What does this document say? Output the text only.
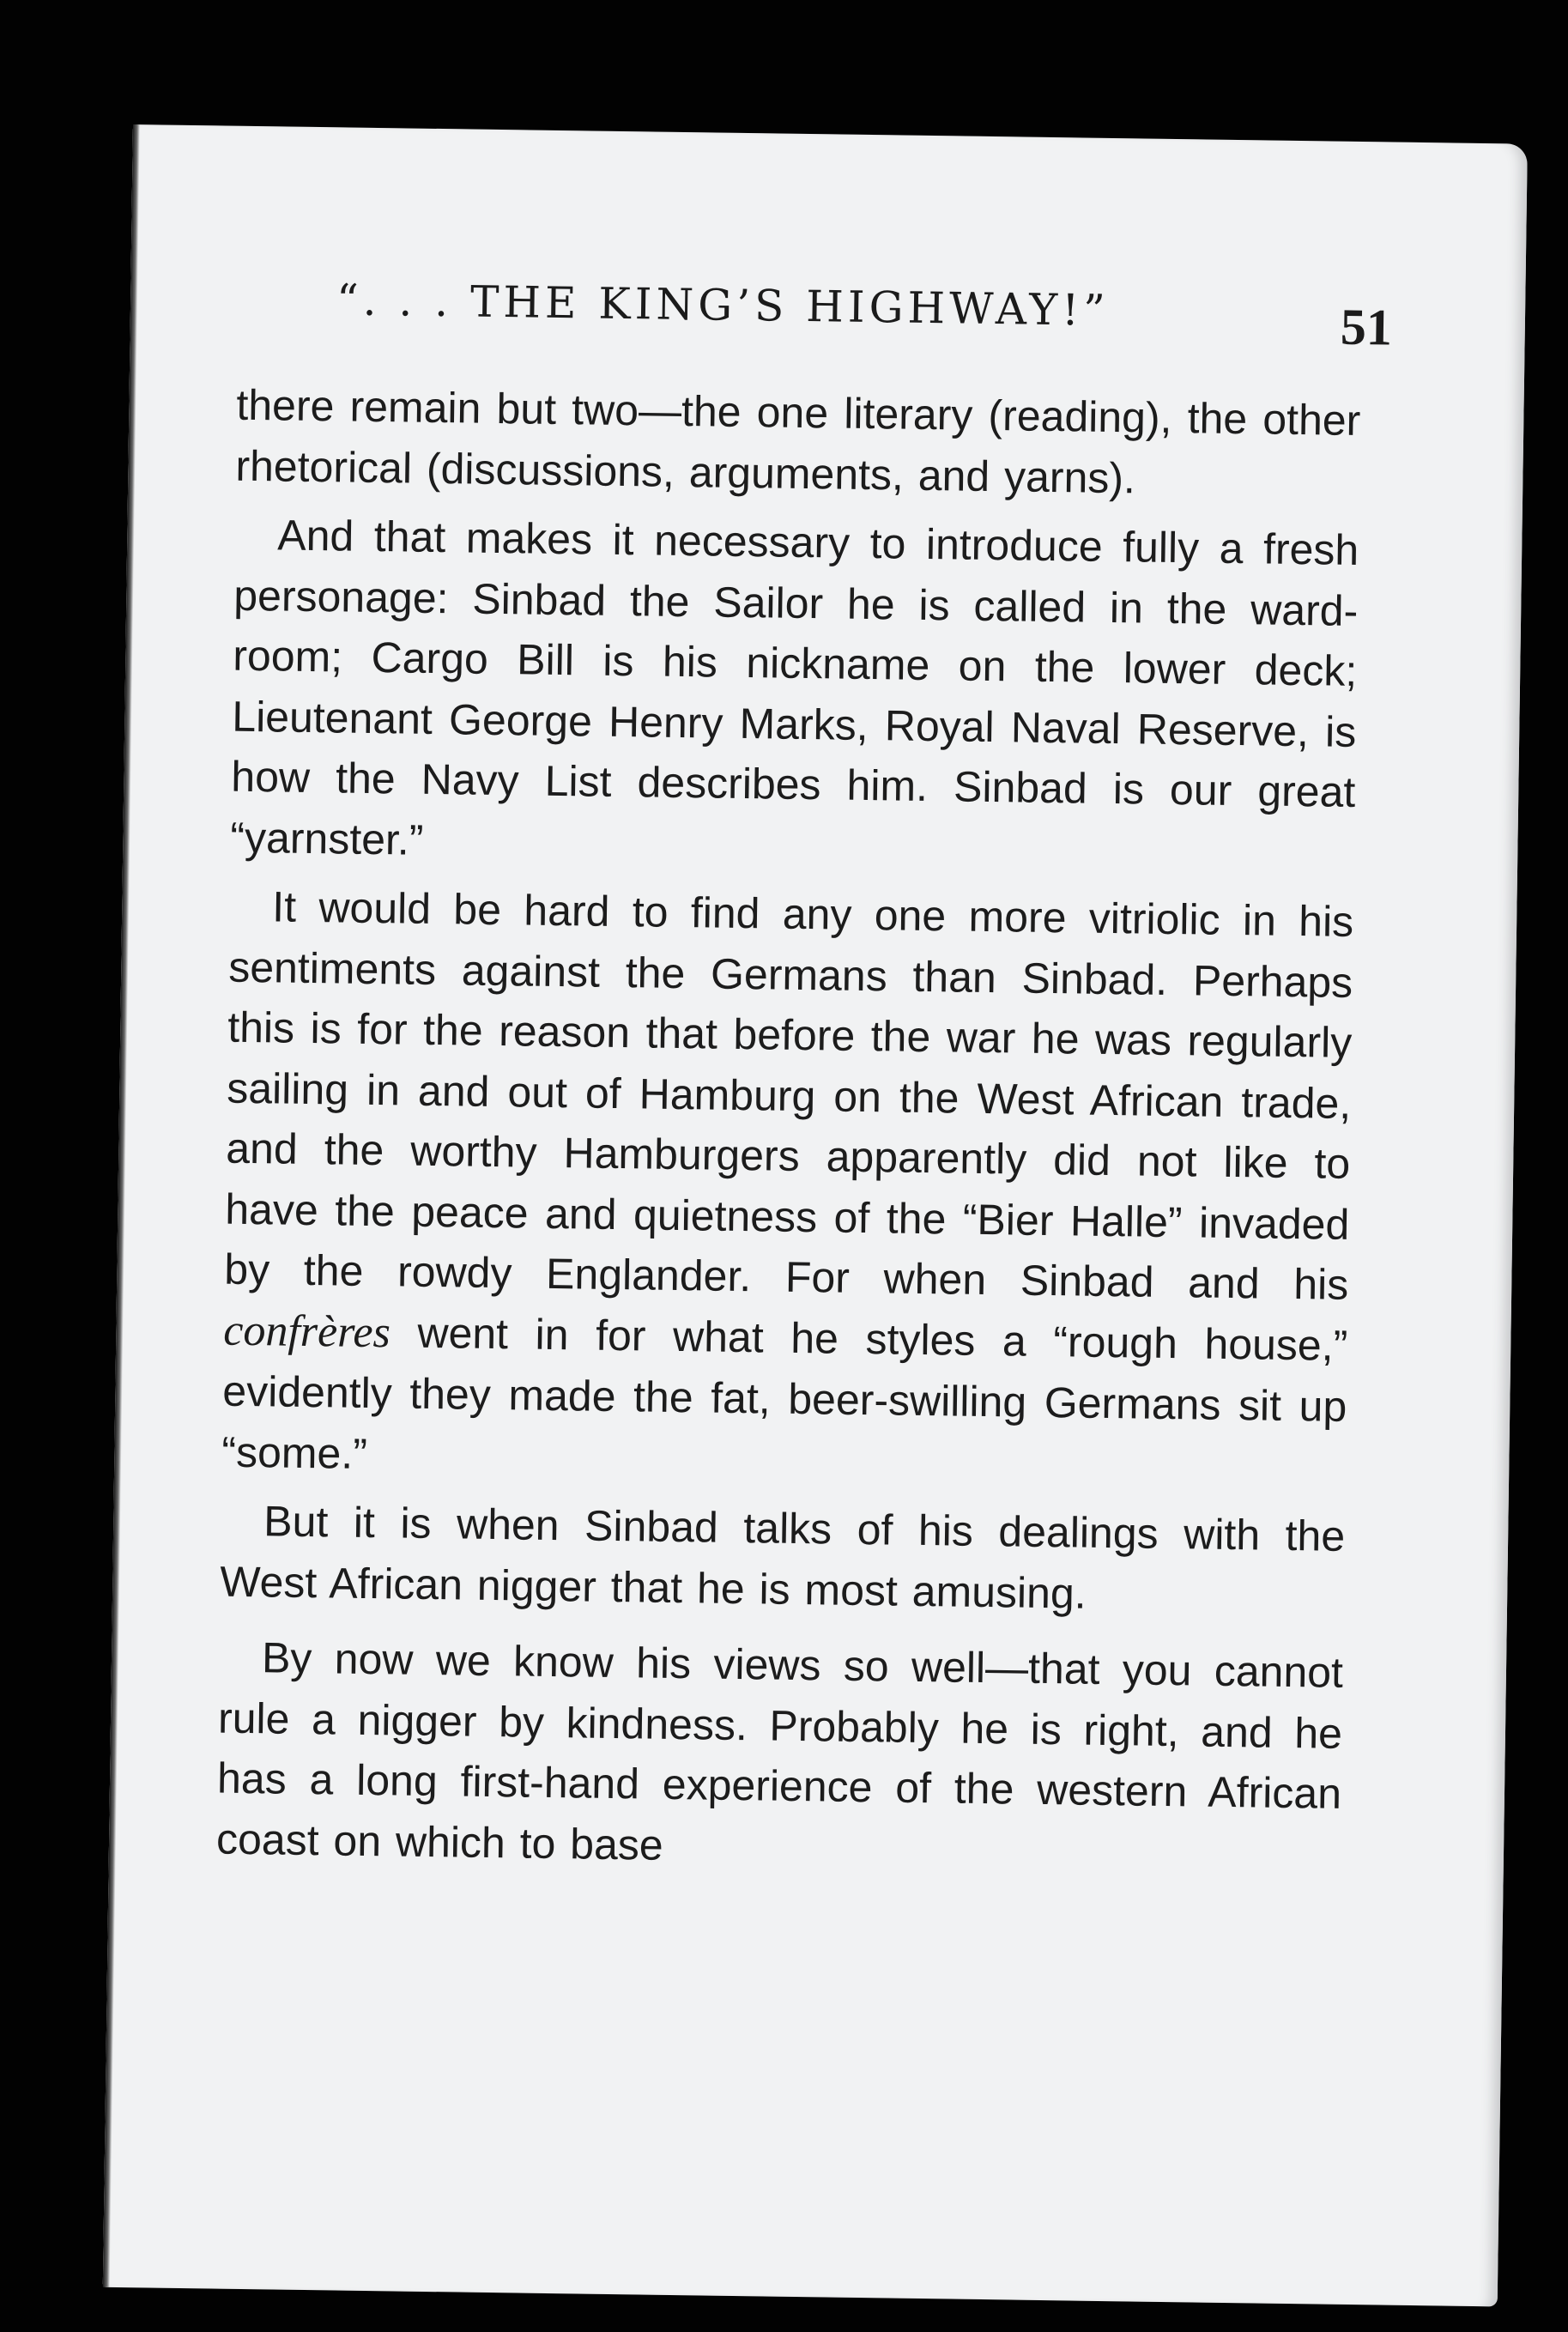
“. . . THE KING’S HIGHWAY!”	51

there remain but two—the one literary (reading), the other rhetorical (discussions, arguments, and yarns).

And that makes it necessary to introduce fully a fresh personage: Sinbad the Sailor he is called in the ward-room; Cargo Bill is his nickname on the lower deck; Lieutenant George Henry Marks, Royal Naval Reserve, is how the Navy List describes him. Sinbad is our great “yarnster.”

It would be hard to find any one more vitriolic in his sentiments against the Germans than Sinbad. Perhaps this is for the reason that before the war he was regularly sailing in and out of Hamburg on the West African trade, and the worthy Hamburgers apparently did not like to have the peace and quietness of the “Bier Halle” invaded by the rowdy Englander. For when Sinbad and his confrères went in for what he styles a “rough house,” evidently they made the fat, beer-swilling Germans sit up “some.”

But it is when Sinbad talks of his dealings with the West African nigger that he is most amusing.

By now we know his views so well—that you cannot rule a nigger by kindness. Probably he is right, and he has a long first-hand experience of the western African coast on which to base
